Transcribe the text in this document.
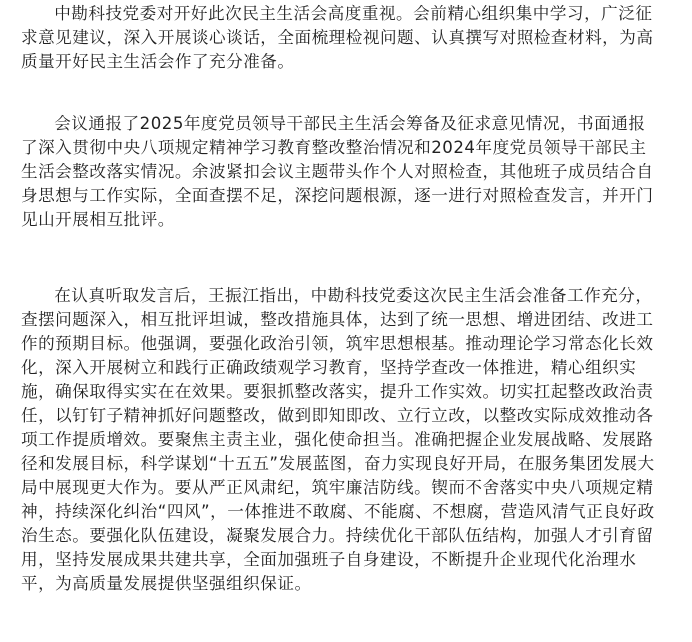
中勘科技党委对开好此次民主生活会高度重视。会前精心组织集中学习，广泛征
求意见建议，深入开展谈心谈话，全面梳理检视问题、认真撰写对照检查材料，为高
质量开好民主生活会作了充分准备。
会议通报了2025年度党员领导干部民主生活会筹备及征求意见情况，书面通报
了深入贯彻中央八项规定精神学习教育整改整治情况和2024年度党员领导干部民主
生活会整改落实情况。余波紧扣会议主题带头作个人对照检查，其他班子成员结合自
身思想与工作实际，全面查摆不足，深挖问题根源，逐一进行对照检查发言，并开门
见山开展相互批评。
在认真听取发言后，王振江指出，中勘科技党委这次民主生活会准备工作充分，
查摆问题深入，相互批评坦诚，整改措施具体，达到了统一思想、增进团结、改进工
作的预期目标。他强调，要强化政治引领，筑牢思想根基。推动理论学习常态化长效
化，深入开展树立和践行正确政绩观学习教育，坚持学查改一体推进，精心组织实
施，确保取得实实在在效果。要狠抓整改落实，提升工作实效。切实扛起整改政治责
任，以钉钉子精神抓好问题整改，做到即知即改、立行立改，以整改实际成效推动各
项工作提质增效。要聚焦主责主业，强化使命担当。准确把握企业发展战略、发展路
径和发展目标，科学谋划“十五五”发展蓝图，奋力实现良好开局，在服务集团发展大
局中展现更大作为。要从严正风肃纪，筑牢廉洁防线。锲而不舍落实中央八项规定精
神，持续深化纠治“四风”，一体推进不敢腐、不能腐、不想腐，营造风清气正良好政
治生态。要强化队伍建设，凝聚发展合力。持续优化干部队伍结构，加强人才引育留
用，坚持发展成果共建共享，全面加强班子自身建设，不断提升企业现代化治理水
平，为高质量发展提供坚强组织保证。
